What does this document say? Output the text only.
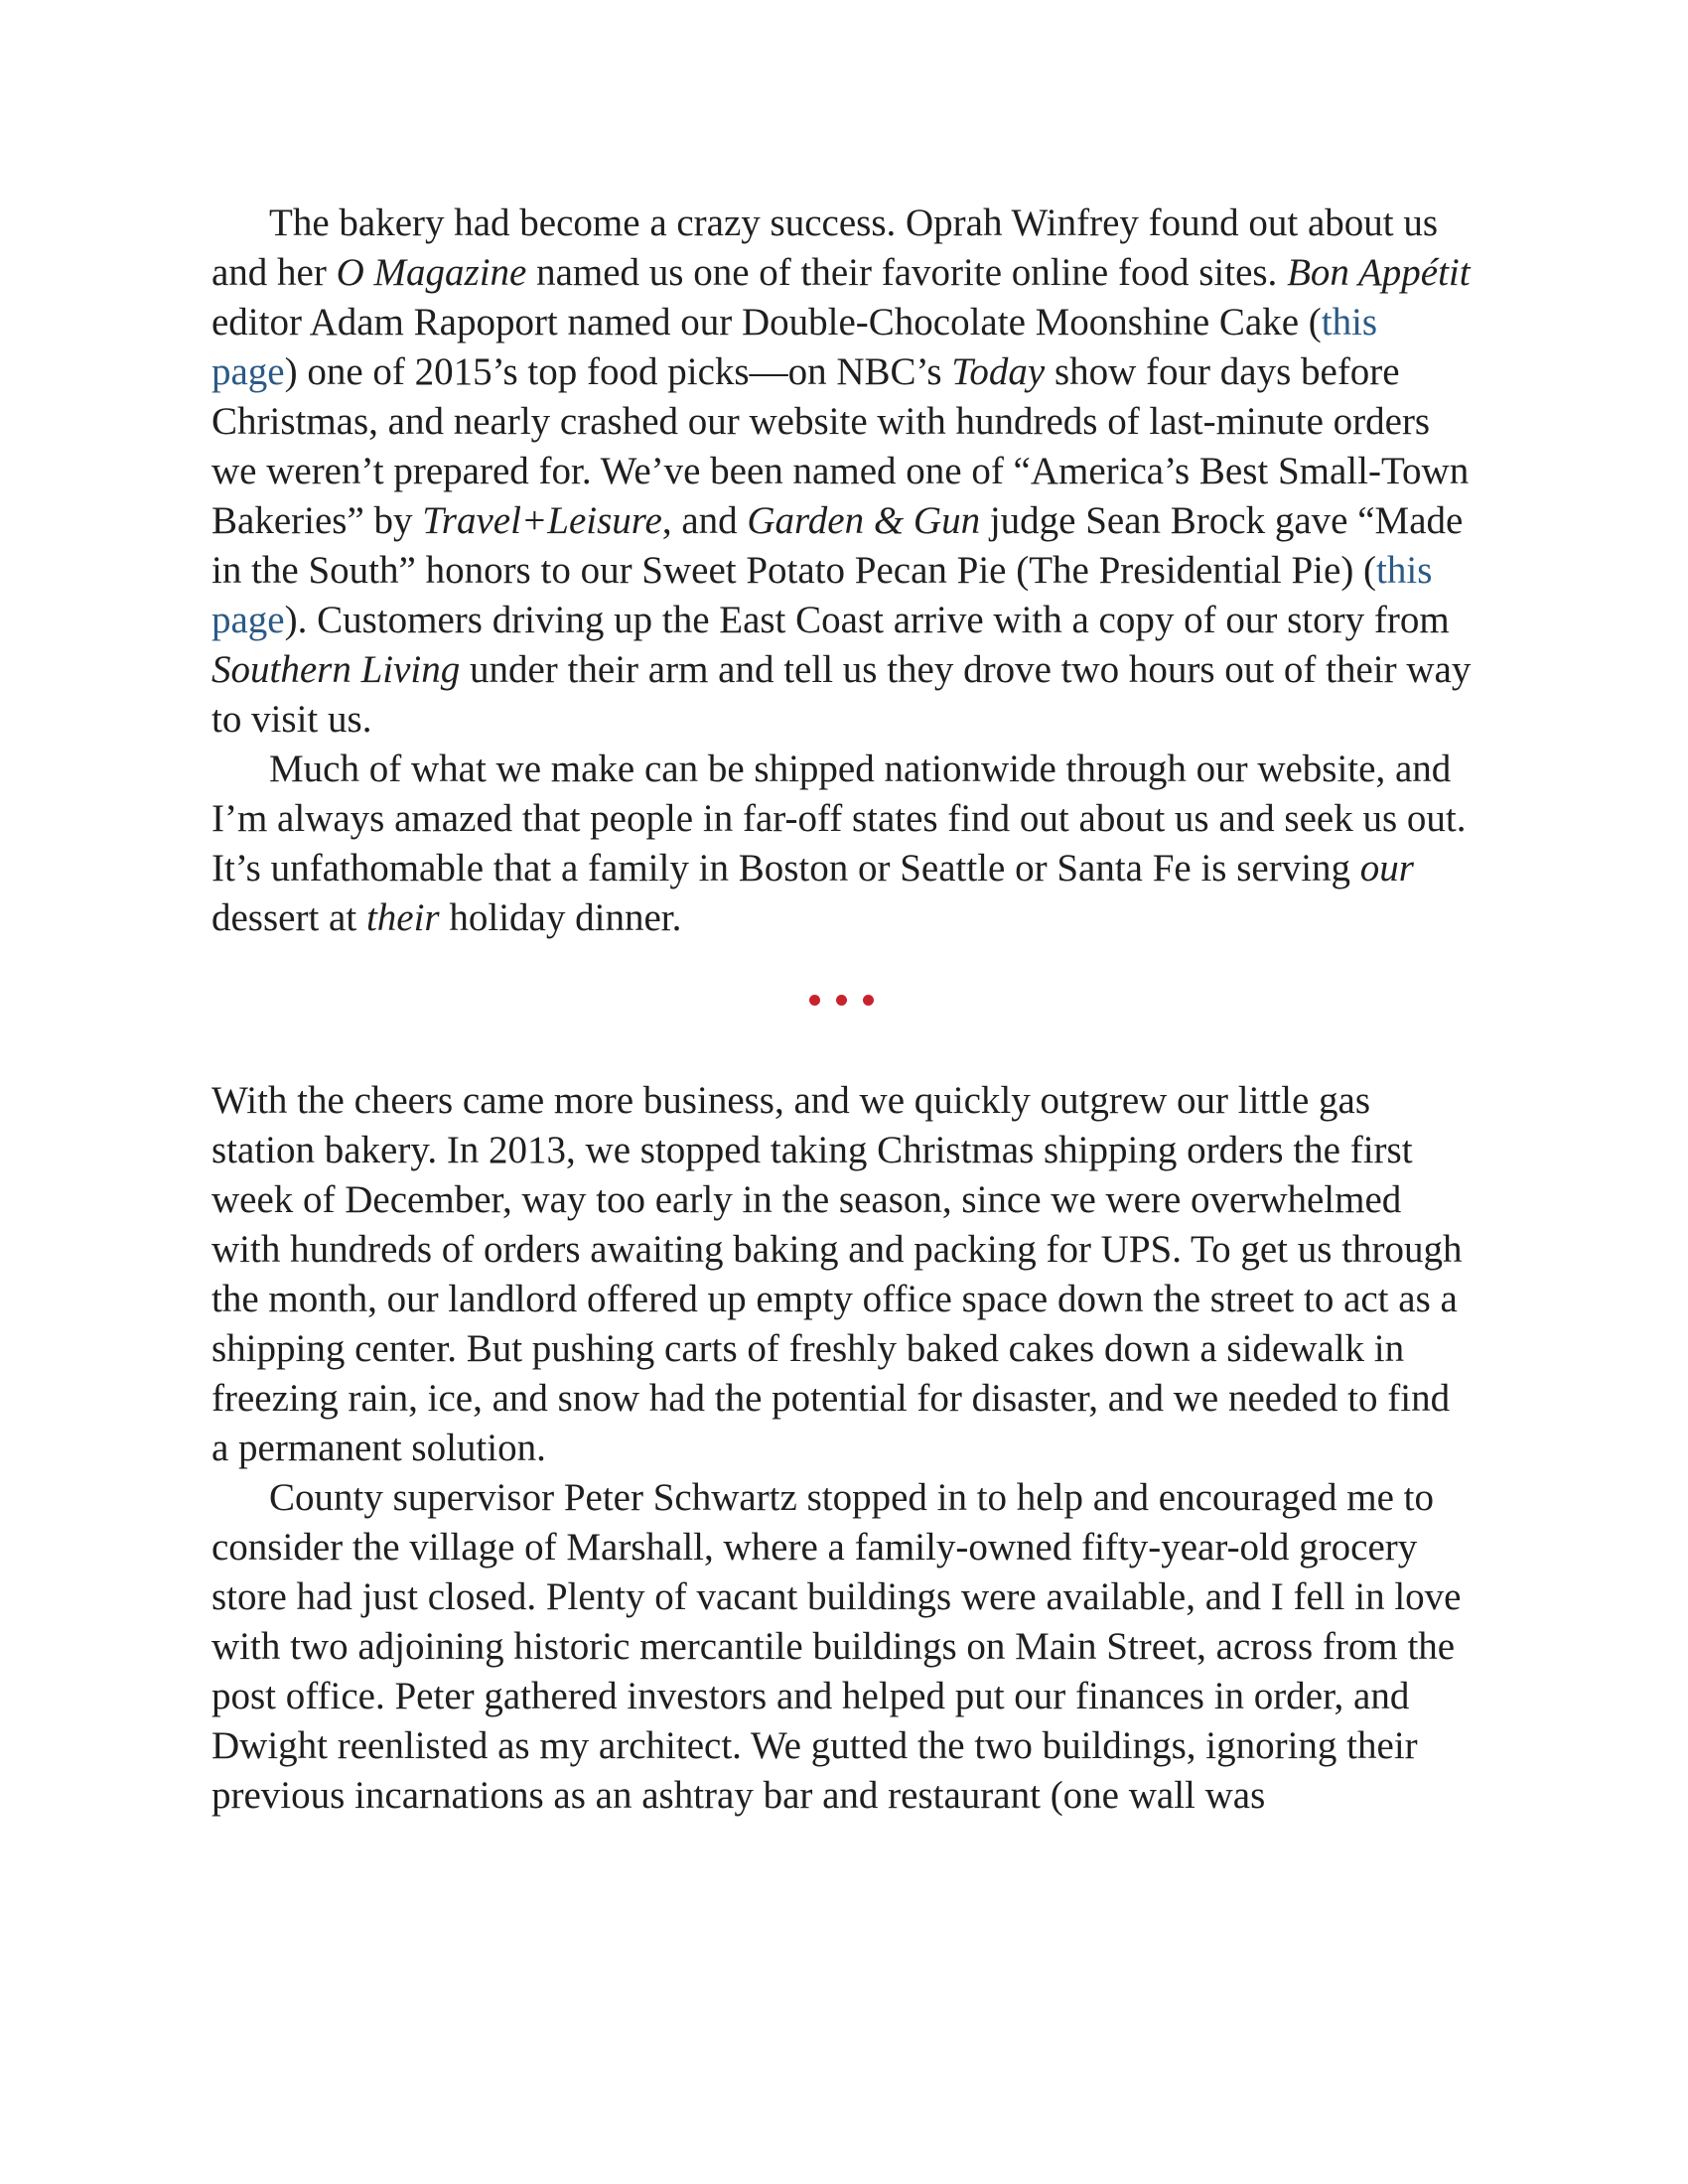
The bakery had become a crazy success. Oprah Winfrey found out about us and her O Magazine named us one of their favorite online food sites. Bon Appétit editor Adam Rapoport named our Double-Chocolate Moonshine Cake (this page) one of 2015’s top food picks—on NBC’s Today show four days before Christmas, and nearly crashed our website with hundreds of last-minute orders we weren’t prepared for. We’ve been named one of “America’s Best Small-Town Bakeries” by Travel+Leisure, and Garden & Gun judge Sean Brock gave “Made in the South” honors to our Sweet Potato Pecan Pie (The Presidential Pie) (this page). Customers driving up the East Coast arrive with a copy of our story from Southern Living under their arm and tell us they drove two hours out of their way to visit us.

Much of what we make can be shipped nationwide through our website, and I’m always amazed that people in far-off states find out about us and seek us out. It’s unfathomable that a family in Boston or Seattle or Santa Fe is serving our dessert at their holiday dinner.

With the cheers came more business, and we quickly outgrew our little gas station bakery. In 2013, we stopped taking Christmas shipping orders the first week of December, way too early in the season, since we were overwhelmed with hundreds of orders awaiting baking and packing for UPS. To get us through the month, our landlord offered up empty office space down the street to act as a shipping center. But pushing carts of freshly baked cakes down a sidewalk in freezing rain, ice, and snow had the potential for disaster, and we needed to find a permanent solution.

County supervisor Peter Schwartz stopped in to help and encouraged me to consider the village of Marshall, where a family-owned fifty-year-old grocery store had just closed. Plenty of vacant buildings were available, and I fell in love with two adjoining historic mercantile buildings on Main Street, across from the post office. Peter gathered investors and helped put our finances in order, and Dwight reenlisted as my architect. We gutted the two buildings, ignoring their previous incarnations as an ashtray bar and restaurant (one wall was
